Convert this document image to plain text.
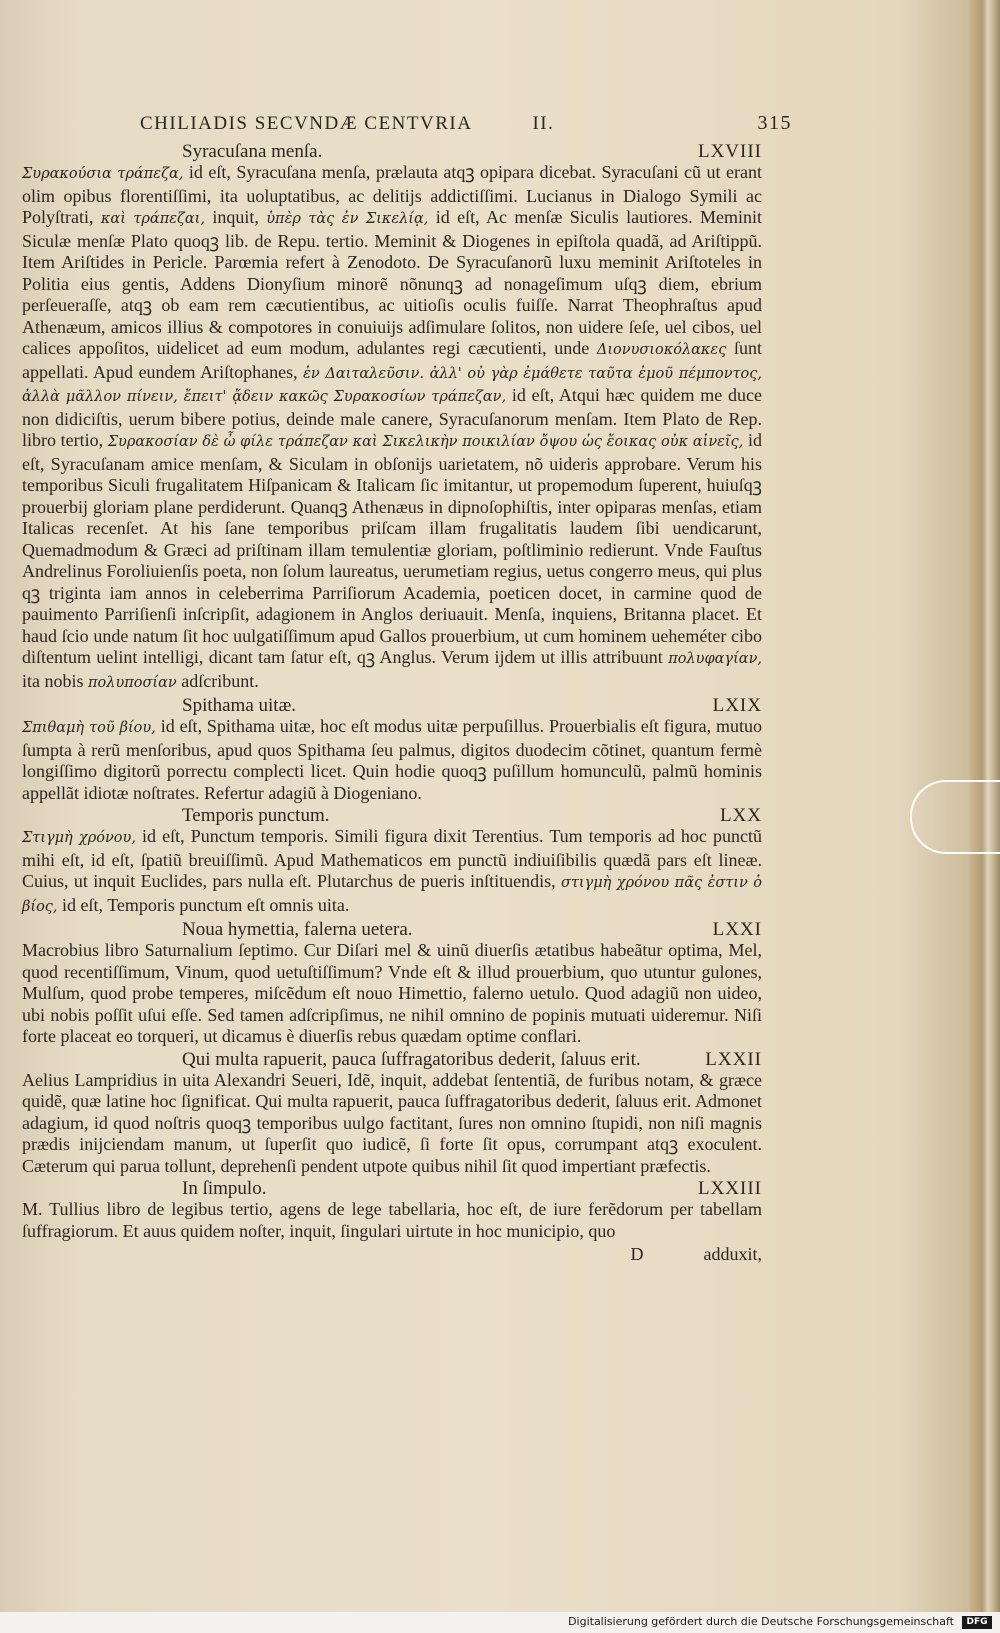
CHILIADIS SECVNDÆ CENTVRIA	II.	315
Syracuſana menſa.	LXVIII

Συρακούσια τράπεζα, id eſt, Syracuſana menſa, prælauta atqꝫ opipara dicebat. Syracuſani cũ ut erant olim opibus florentiſſimi, ita uoluptatibus, ac delitijs addictiſſimi. Lucianus in Dialogo Symili ac Polyſtrati, καὶ τράπεζαι, inquit, ὑπὲρ τὰς ἐν Σικελίᾳ, id eſt, Ac menſæ Siculis lautiores. Meminit Siculæ menſæ Plato quoqꝫ lib. de Repu. tertio. Meminit & Diogenes in epiſtola quadã, ad Ariſtippũ. Item Ariſtides in Pericle. Parœmia refert à Zenodoto. De Syracuſanorũ luxu meminit Ariſtoteles in Politia eius gentis, Addens Dionyſium minorẽ nõnunqꝫ ad nonageſimum uſqꝫ diem, ebrium perſeueraſſe, atqꝫ ob eam rem cæcutientibus, ac uitioſis oculis fuiſſe. Narrat Theophraſtus apud Athenæum, amicos illius & compotores in conuiuijs adſimulare ſolitos, non uidere ſeſe, uel cibos, uel calices appoſitos, uidelicet ad eum modum, adulantes regi cæcutienti, unde Διονυσιοκόλακες ſunt appellati. Apud eundem Ariſtophanes, ἐν Δαιταλεῦσιν. ἀλλ' οὐ γὰρ ἐμάθετε ταῦτα ἐμοῦ πέμποντος, ἀλλὰ μᾶλλον πίνειν, ἔπειτ' ᾄδειν κακῶς Συρακοσίων τράπεζαν, id eſt, Atqui hæc quidem me duce non didiciſtis, uerum bibere potius, deinde male canere, Syracuſanorum menſam. Item Plato de Rep. libro tertio, Συρακοσίαν δὲ ὦ φίλε τράπεζαν καὶ Σικελικὴν ποικιλίαν ὄψου ὡς ἔοικας οὐκ αἰνεῖς, id eſt, Syracuſanam amice menſam, & Siculam in obſonijs uarietatem, nõ uideris approbare. Verum his temporibus Siculi frugalitatem Hiſpanicam & Italicam ſic imitantur, ut propemodum ſuperent, huiuſqꝫ prouerbij gloriam plane perdiderunt. Quanqꝫ Athenæus in dipnoſophiſtis, inter opiparas menſas, etiam Italicas recenſet. At his ſane temporibus priſcam illam frugalitatis laudem ſibi uendicarunt, Quemadmodum & Græci ad priſtinam illam temulentiæ gloriam, poſtliminio redierunt. Vnde Fauſtus Andrelinus Foroliuienſis poeta, non ſolum laureatus, uerumetiam regius, uetus congerro meus, qui plus qꝫ triginta iam annos in celeberrima Parriſiorum Academia, poeticen docet, in carmine quod de pauimento Parriſienſi inſcripſit, adagionem in Anglos deriuauit. Menſa, inquiens, Britanna placet. Et haud ſcio unde natum ſit hoc uulgatiſſimum apud Gallos prouerbium, ut cum hominem ueheméter cibo diſtentum uelint intelligi, dicant tam ſatur eſt, qꝫ Anglus. Verum ijdem ut illis attribuunt πολυφαγίαν, ita nobis πολυποσίαν adſcribunt.

Spithama uitæ.	LXIX

Σπιθαμὴ τοῦ βίου, id eſt, Spithama uitæ, hoc eſt modus uitæ perpuſillus. Prouerbialis eſt figura, mutuo ſumpta à rerũ menſoribus, apud quos Spithama ſeu palmus, digitos duodecim cõtinet, quantum fermè longiſſimo digitorũ porrectu complecti licet. Quin hodie quoqꝫ puſillum homunculũ, palmũ hominis appellãt idiotæ noſtrates. Refertur adagiũ à Diogeniano.

Temporis punctum.	LXX

Στιγμὴ χρόνου, id eſt, Punctum temporis. Simili figura dixit Terentius. Tum temporis ad hoc punctũ mihi eſt, id eſt, ſpatiũ breuiſſimũ. Apud Mathematicos em punctũ indiuiſibilis quædã pars eſt lineæ. Cuius, ut inquit Euclides, pars nulla eſt. Plutarchus de pueris inſtituendis, στιγμὴ χρόνου πᾶς ἐστιν ὁ βίος, id eſt, Temporis punctum eſt omnis uita.

Noua hymettia, falerna uetera.	LXXI

Macrobius libro Saturnalium ſeptimo. Cur Diſari mel & uinũ diuerſis ætatibus habeãtur optima, Mel, quod recentiſſimum, Vinum, quod uetuſtiſſimum? Vnde eſt & illud prouerbium, quo utuntur gulones, Mulſum, quod probe temperes, miſcẽdum eſt nouo Himettio, falerno uetulo. Quod adagiũ non uideo, ubi nobis poſſit uſui eſſe. Sed tamen adſcripſimus, ne nihil omnino de popinis mutuati uideremur. Niſi forte placeat eo torqueri, ut dicamus è diuerſis rebus quædam optime conflari.

Qui multa rapuerit, pauca ſuffragatoribus dederit, ſaluus erit.	LXXII

Aelius Lampridius in uita Alexandri Seueri, Idẽ, inquit, addebat ſententiã, de furibus notam, & græce quidẽ, quæ latine hoc ſignificat. Qui multa rapuerit, pauca ſuffragatoribus dederit, ſaluus erit. Admonet adagium, id quod noſtris quoqꝫ temporibus uulgo factitant, ſures non omnino ſtupidi, non niſi magnis prædis inijciendam manum, ut ſuperſit quo iudicẽ, ſi forte ſit opus, corrumpant atqꝫ exoculent. Cæterum qui parua tollunt, deprehenſi pendent utpote quibus nihil ſit quod impertiant præfectis.

In ſimpulo.	LXXIII

M. Tullius libro de legibus tertio, agens de lege tabellaria, hoc eſt, de iure ferẽdorum per tabellam ſuffragiorum. Et auus quidem noſter, inquit, ſingulari uirtute in hoc municipio, quo

D	adduxit,
Digitalisierung gefördert durch die Deutsche Forschungsgemeinschaft	DFG
